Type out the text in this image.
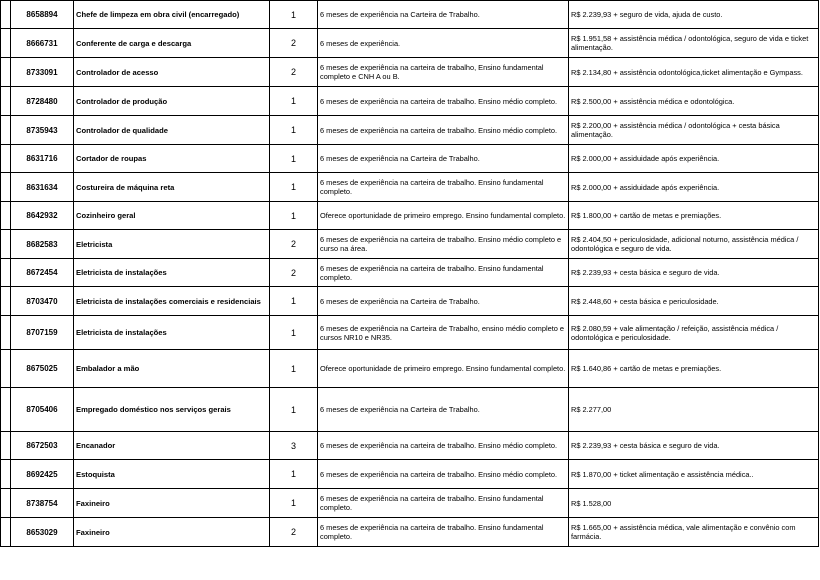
	8658894	Chefe de limpeza em obra civil (encarregado)	1	6 meses de experiência na Carteira de Trabalho.	R$ 2.239,93 + seguro de vida, ajuda de custo.
	8666731	Conferente de carga e descarga	2	6 meses de experiência.	R$ 1.951,58 + assistência médica / odontológica, seguro de vida e ticket alimentação.
	8733091	Controlador de acesso	2	6 meses de experiência na carteira de trabalho, Ensino fundamental completo e CNH A ou B.	R$ 2.134,80 + assistência odontológica,ticket alimentação e Gympass.
	8728480	Controlador de produção	1	6 meses de experiência na carteira de trabalho. Ensino médio completo.	R$ 2.500,00 + assistência médica e odontológica.
	8735943	Controlador de qualidade	1	6 meses de experiência na carteira de trabalho. Ensino médio completo.	R$ 2.200,00 + assistência médica / odontológica + cesta básica alimentação.
	8631716	Cortador de roupas	1	6 meses de experiência na Carteira de Trabalho.	R$ 2.000,00 + assiduidade após experiência.
	8631634	Costureira de máquina reta	1	6 meses de experiência na carteira de trabalho. Ensino fundamental completo.	R$ 2.000,00 + assiduidade após experiência.
	8642932	Cozinheiro geral	1	Oferece oportunidade de primeiro emprego. Ensino fundamental completo.	R$ 1.800,00 + cartão de metas e premiações.
	8682583	Eletricista	2	6 meses de experiência na carteira de trabalho. Ensino médio completo e curso na área.	R$ 2.404,50 + periculosidade, adicional noturno, assistência médica / odontológica e seguro de vida.
	8672454	Eletricista de instalações	2	6 meses de experiência na carteira de trabalho. Ensino fundamental completo.	R$ 2.239,93 + cesta básica e seguro de vida.
	8703470	Eletricista de instalações comerciais e residenciais	1	6 meses de experiência na Carteira de Trabalho.	R$ 2.448,60 + cesta básica e periculosidade.
	8707159	Eletricista de instalações	1	6 meses de experiência na Carteira de Trabalho, ensino médio completo e cursos NR10 e NR35.	R$ 2.080,59 + vale alimentação / refeição, assistência médica / odontológica e periculosidade.
	8675025	Embalador a mão	1	Oferece oportunidade de primeiro emprego. Ensino fundamental completo.	R$ 1.640,86 + cartão de metas e premiações.
	8705406	Empregado doméstico nos serviços gerais	1	6 meses de experiência na Carteira de Trabalho.	R$ 2.277,00
	8672503	Encanador	3	6 meses de experiência na carteira de trabalho. Ensino médio completo.	R$ 2.239,93 + cesta básica e seguro de vida.
	8692425	Estoquista	1	6 meses de experiência na carteira de trabalho. Ensino médio completo.	R$ 1.870,00 + ticket alimentação e assistência médica..
	8738754	Faxineiro	1	6 meses de experiência na carteira de trabalho. Ensino fundamental completo.	R$ 1.528,00
	8653029	Faxineiro	2	6 meses de experiência na carteira de trabalho. Ensino fundamental completo.	R$ 1.665,00 + assistência médica, vale alimentação e convênio com farmácia.
